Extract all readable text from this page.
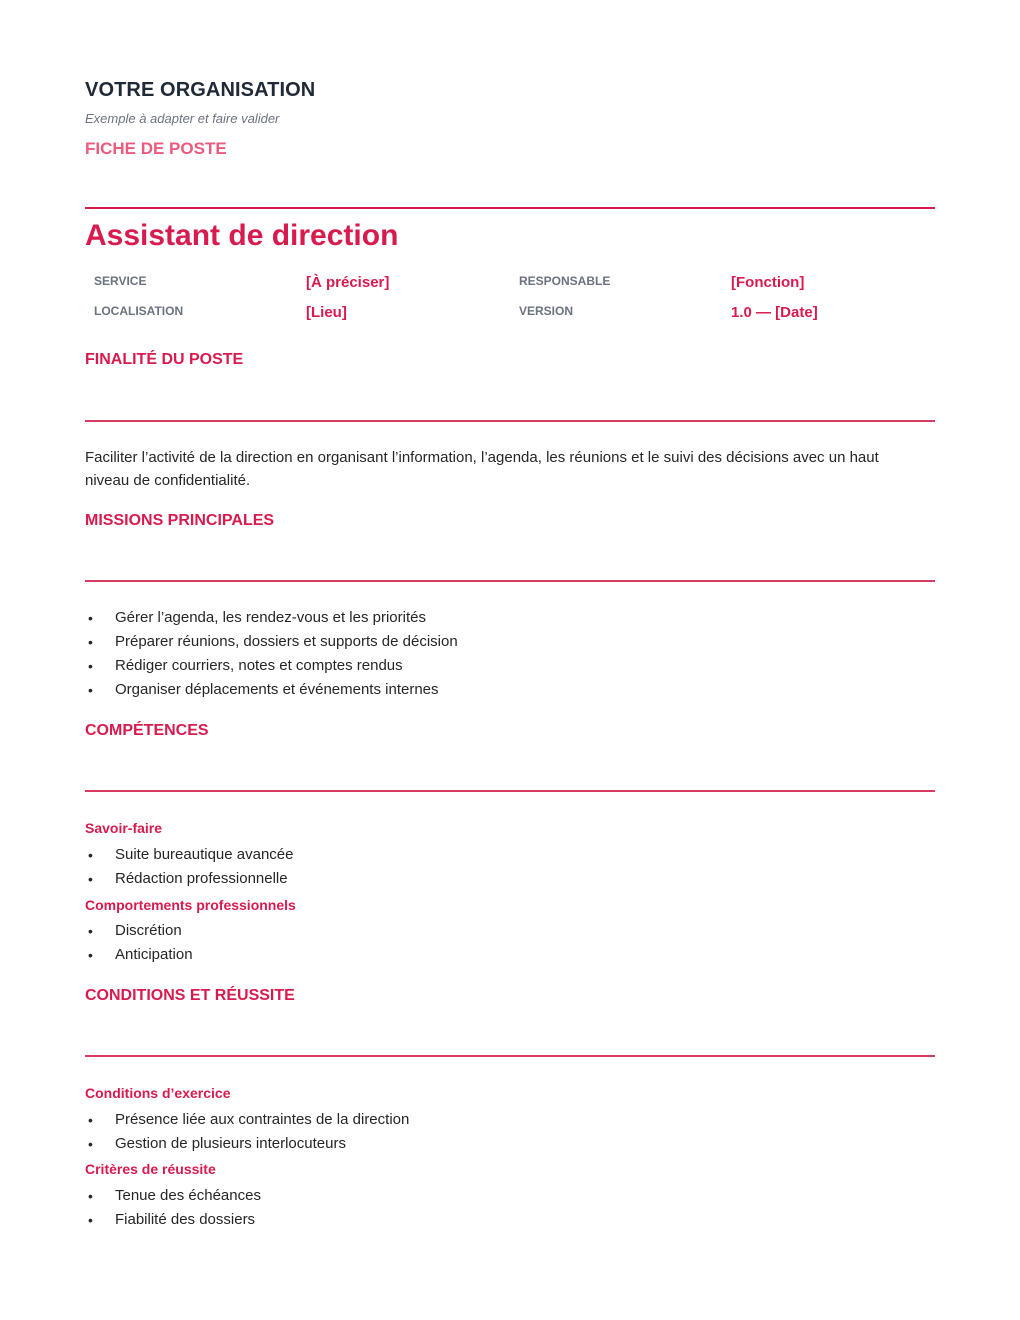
VOTRE ORGANISATION
Exemple à adapter et faire valider
FICHE DE POSTE
Assistant de direction
SERVICE	[À préciser]	RESPONSABLE	[Fonction]
LOCALISATION	[Lieu]	VERSION	1.0 — [Date]
FINALITÉ DU POSTE
Faciliter l’activité de la direction en organisant l’information, l’agenda, les réunions et le suivi des décisions avec un haut niveau de confidentialité.
MISSIONS PRINCIPALES
• Gérer l’agenda, les rendez-vous et les priorités
• Préparer réunions, dossiers et supports de décision
• Rédiger courriers, notes et comptes rendus
• Organiser déplacements et événements internes
COMPÉTENCES
Savoir-faire
• Suite bureautique avancée
• Rédaction professionnelle
Comportements professionnels
• Discrétion
• Anticipation
CONDITIONS ET RÉUSSITE
Conditions d’exercice
• Présence liée aux contraintes de la direction
• Gestion de plusieurs interlocuteurs
Critères de réussite
• Tenue des échéances
• Fiabilité des dossiers
